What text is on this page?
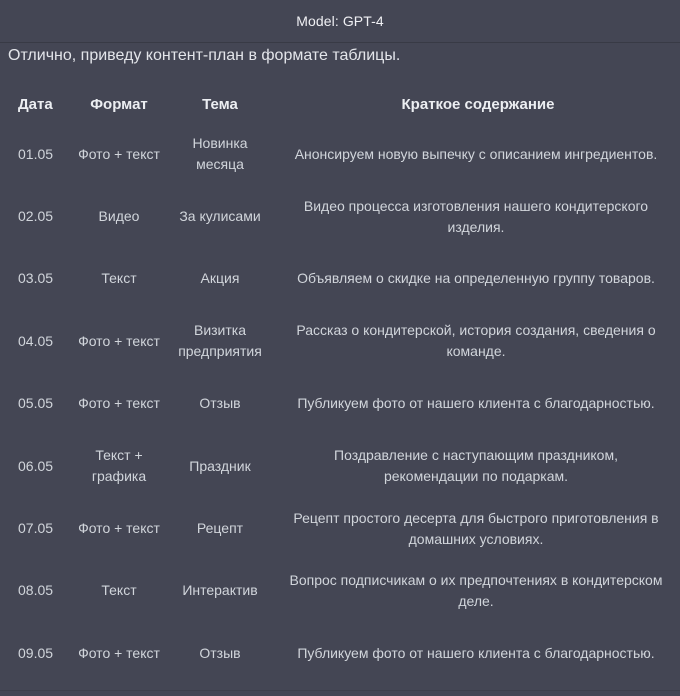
Model: GPT-4
Отлично, приведу контент-план в формате таблицы.
Дата	Формат	Тема	Краткое содержание
01.05	Фото + текст	Новинка месяца	Анонсируем новую выпечку с описанием ингредиентов.
02.05	Видео	За кулисами	Видео процесса изготовления нашего кондитерского изделия.
03.05	Текст	Акция	Объявляем о скидке на определенную группу товаров.
04.05	Фото + текст	Визитка предприятия	Рассказ о кондитерской, история создания, сведения о команде.
05.05	Фото + текст	Отзыв	Публикуем фото от нашего клиента с благодарностью.
06.05	Текст + графика	Праздник	Поздравление с наступающим праздником, рекомендации по подаркам.
07.05	Фото + текст	Рецепт	Рецепт простого десерта для быстрого приготовления в домашних условиях.
08.05	Текст	Интерактив	Вопрос подписчикам о их предпочтениях в кондитерском деле.
09.05	Фото + текст	Отзыв	Публикуем фото от нашего клиента с благодарностью.
